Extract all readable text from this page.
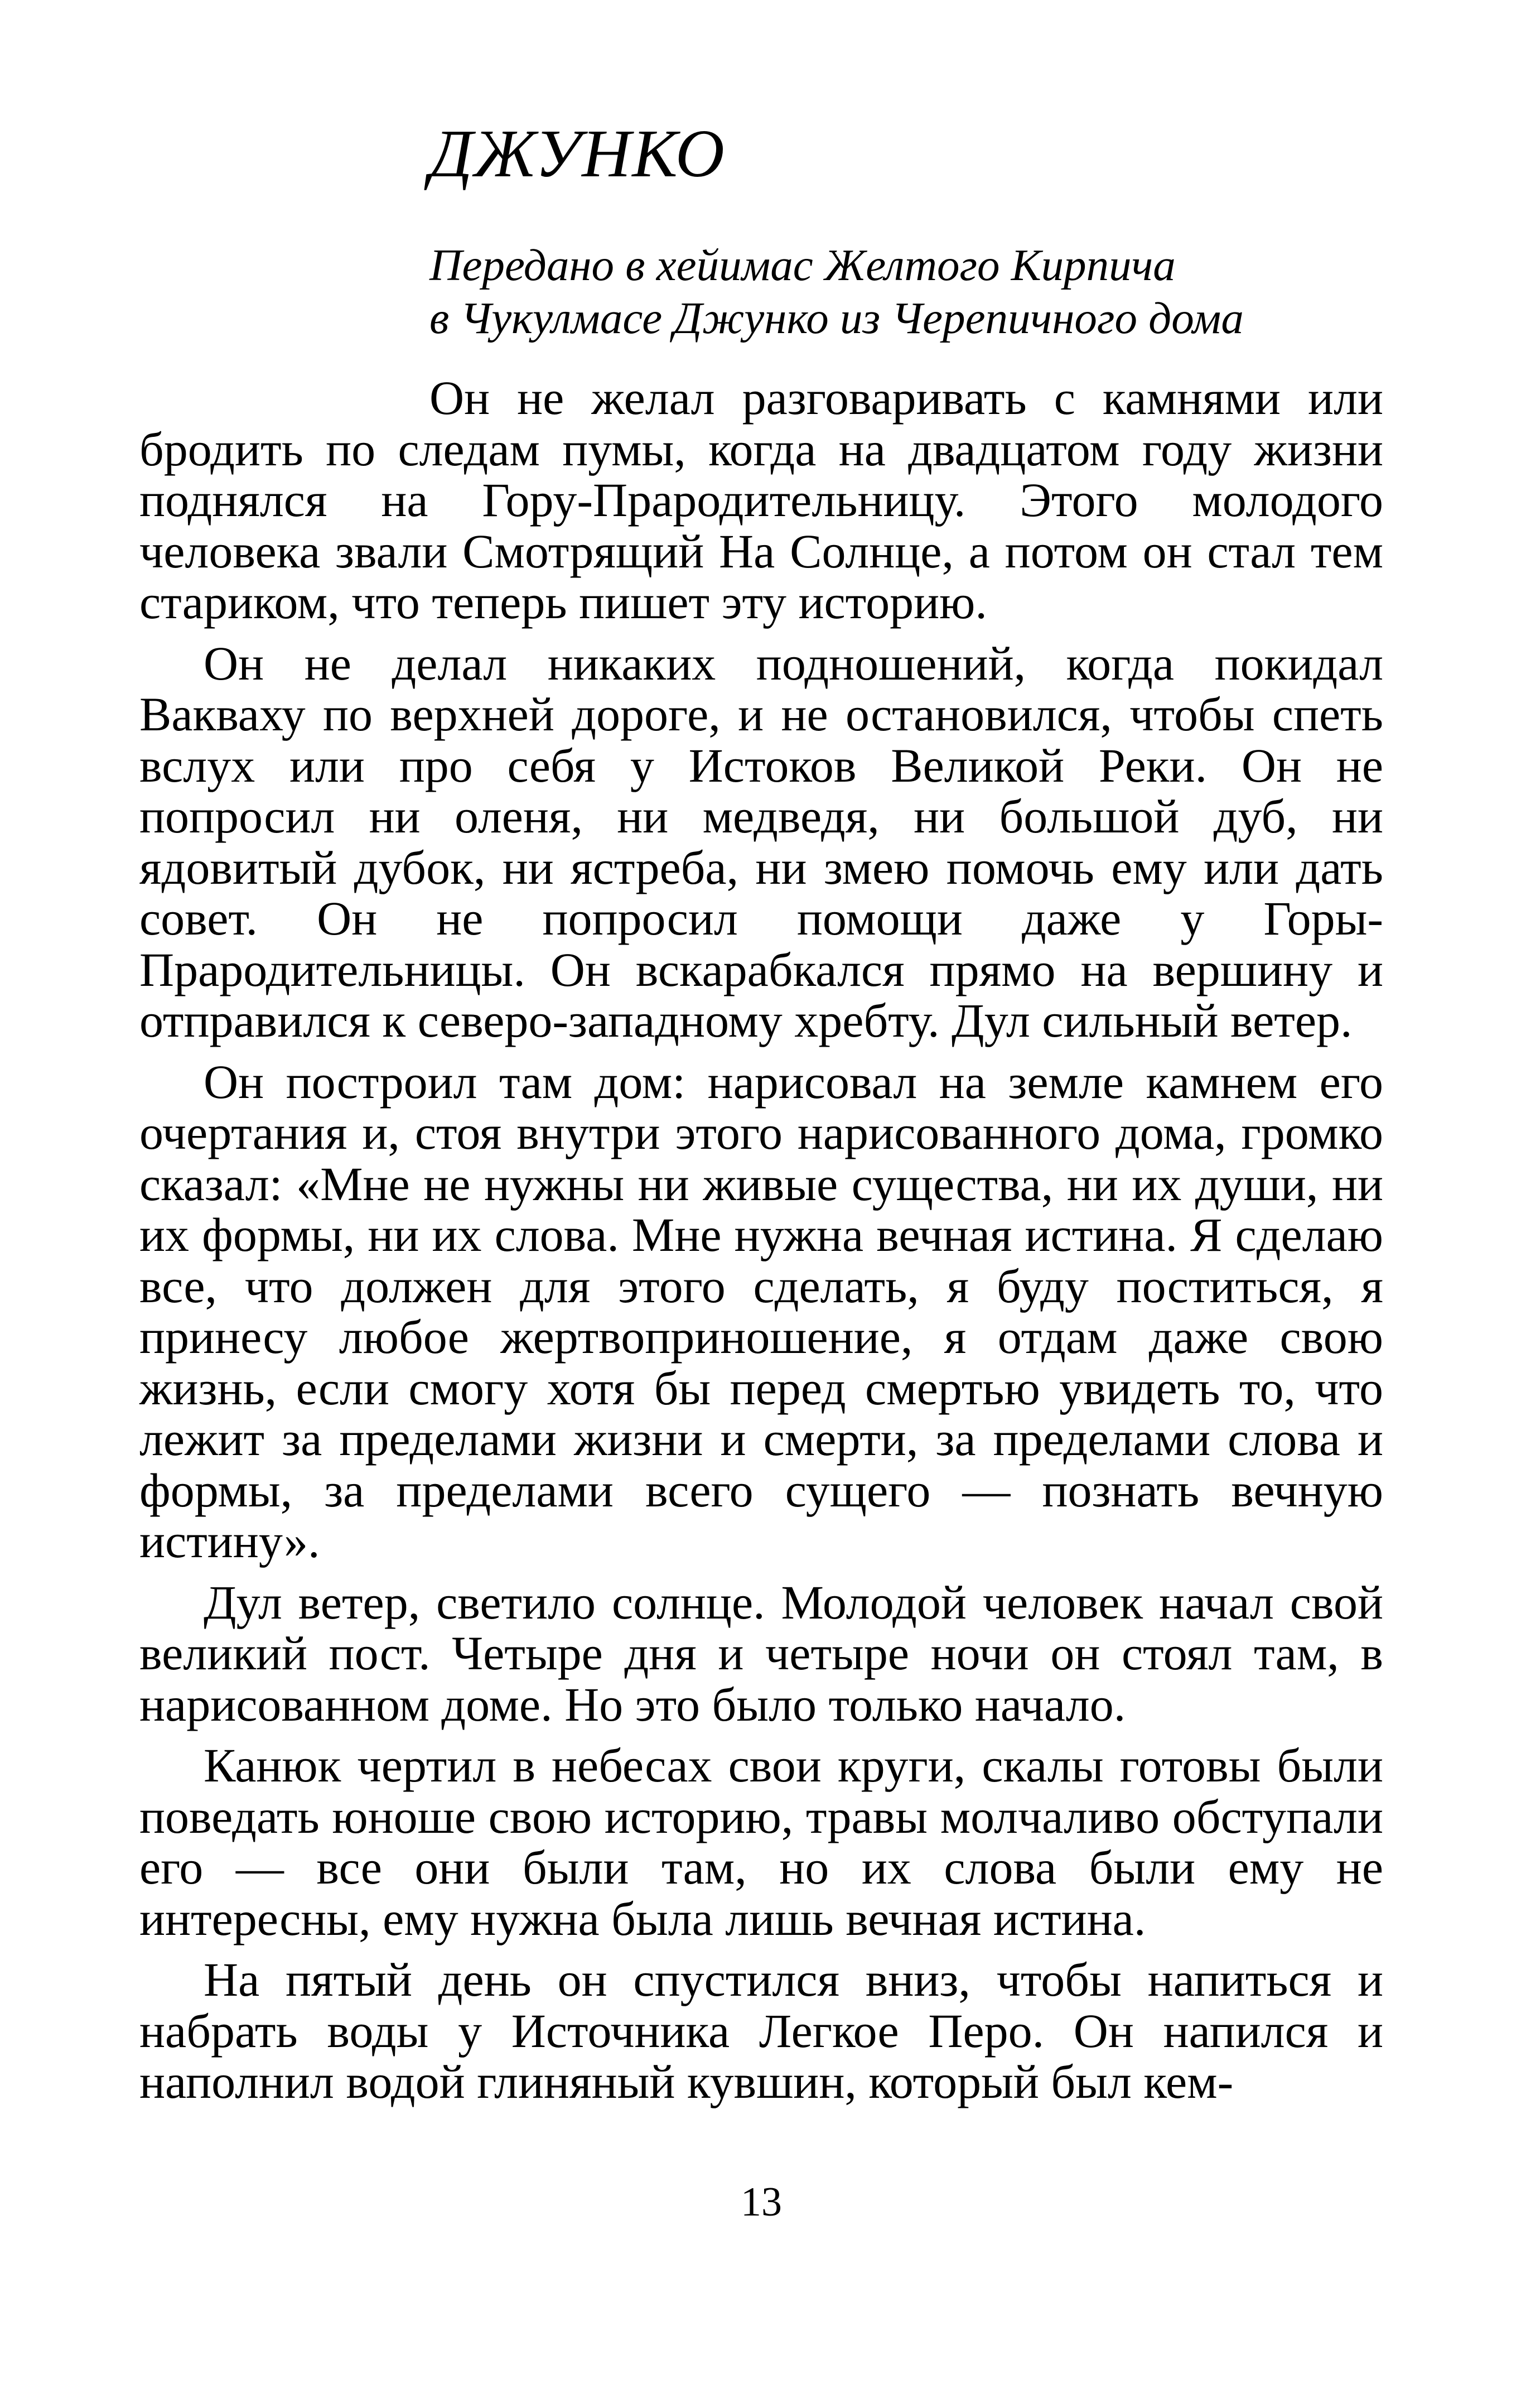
ДЖУНКО
Передано в хейимас Желтого Кирпича
в Чукулмасе Джунко из Черепичного дома

Он не желал разговаривать с камнями или бродить по следам пумы, когда на двадцатом году жизни поднялся на Гору-Прародительницу. Этого молодого человека звали Смотрящий На Солнце, а потом он стал тем стариком, что теперь пишет эту историю.

Он не делал никаких подношений, когда покидал Вакваху по верхней дороге, и не остановился, чтобы спеть вслух или про себя у Истоков Великой Реки. Он не попросил ни оленя, ни медведя, ни большой дуб, ни ядовитый дубок, ни ястреба, ни змею помочь ему или дать совет. Он не попросил помощи даже у Горы-Прародительницы. Он вскарабкался прямо на вершину и отправился к северо-западному хребту. Дул сильный ветер.

Он построил там дом: нарисовал на земле камнем его очертания и, стоя внутри этого нарисованного дома, громко сказал: «Мне не нужны ни живые существа, ни их души, ни их формы, ни их слова. Мне нужна вечная истина. Я сделаю все, что должен для этого сделать, я буду поститься, я принесу любое жертвоприношение, я отдам даже свою жизнь, если смогу хотя бы перед смертью увидеть то, что лежит за пределами жизни и смерти, за пределами слова и формы, за пределами всего сущего — познать вечную истину».

Дул ветер, светило солнце. Молодой человек начал свой великий пост. Четыре дня и четыре ночи он стоял там, в нарисованном доме. Но это было только начало.

Канюк чертил в небесах свои круги, скалы готовы были поведать юноше свою историю, травы молчаливо обступали его — все они были там, но их слова были ему не интересны, ему нужна была лишь вечная истина.

На пятый день он спустился вниз, чтобы напиться и набрать воды у Источника Легкое Перо. Он напился и наполнил водой глиняный кувшин, который был кем-

13
